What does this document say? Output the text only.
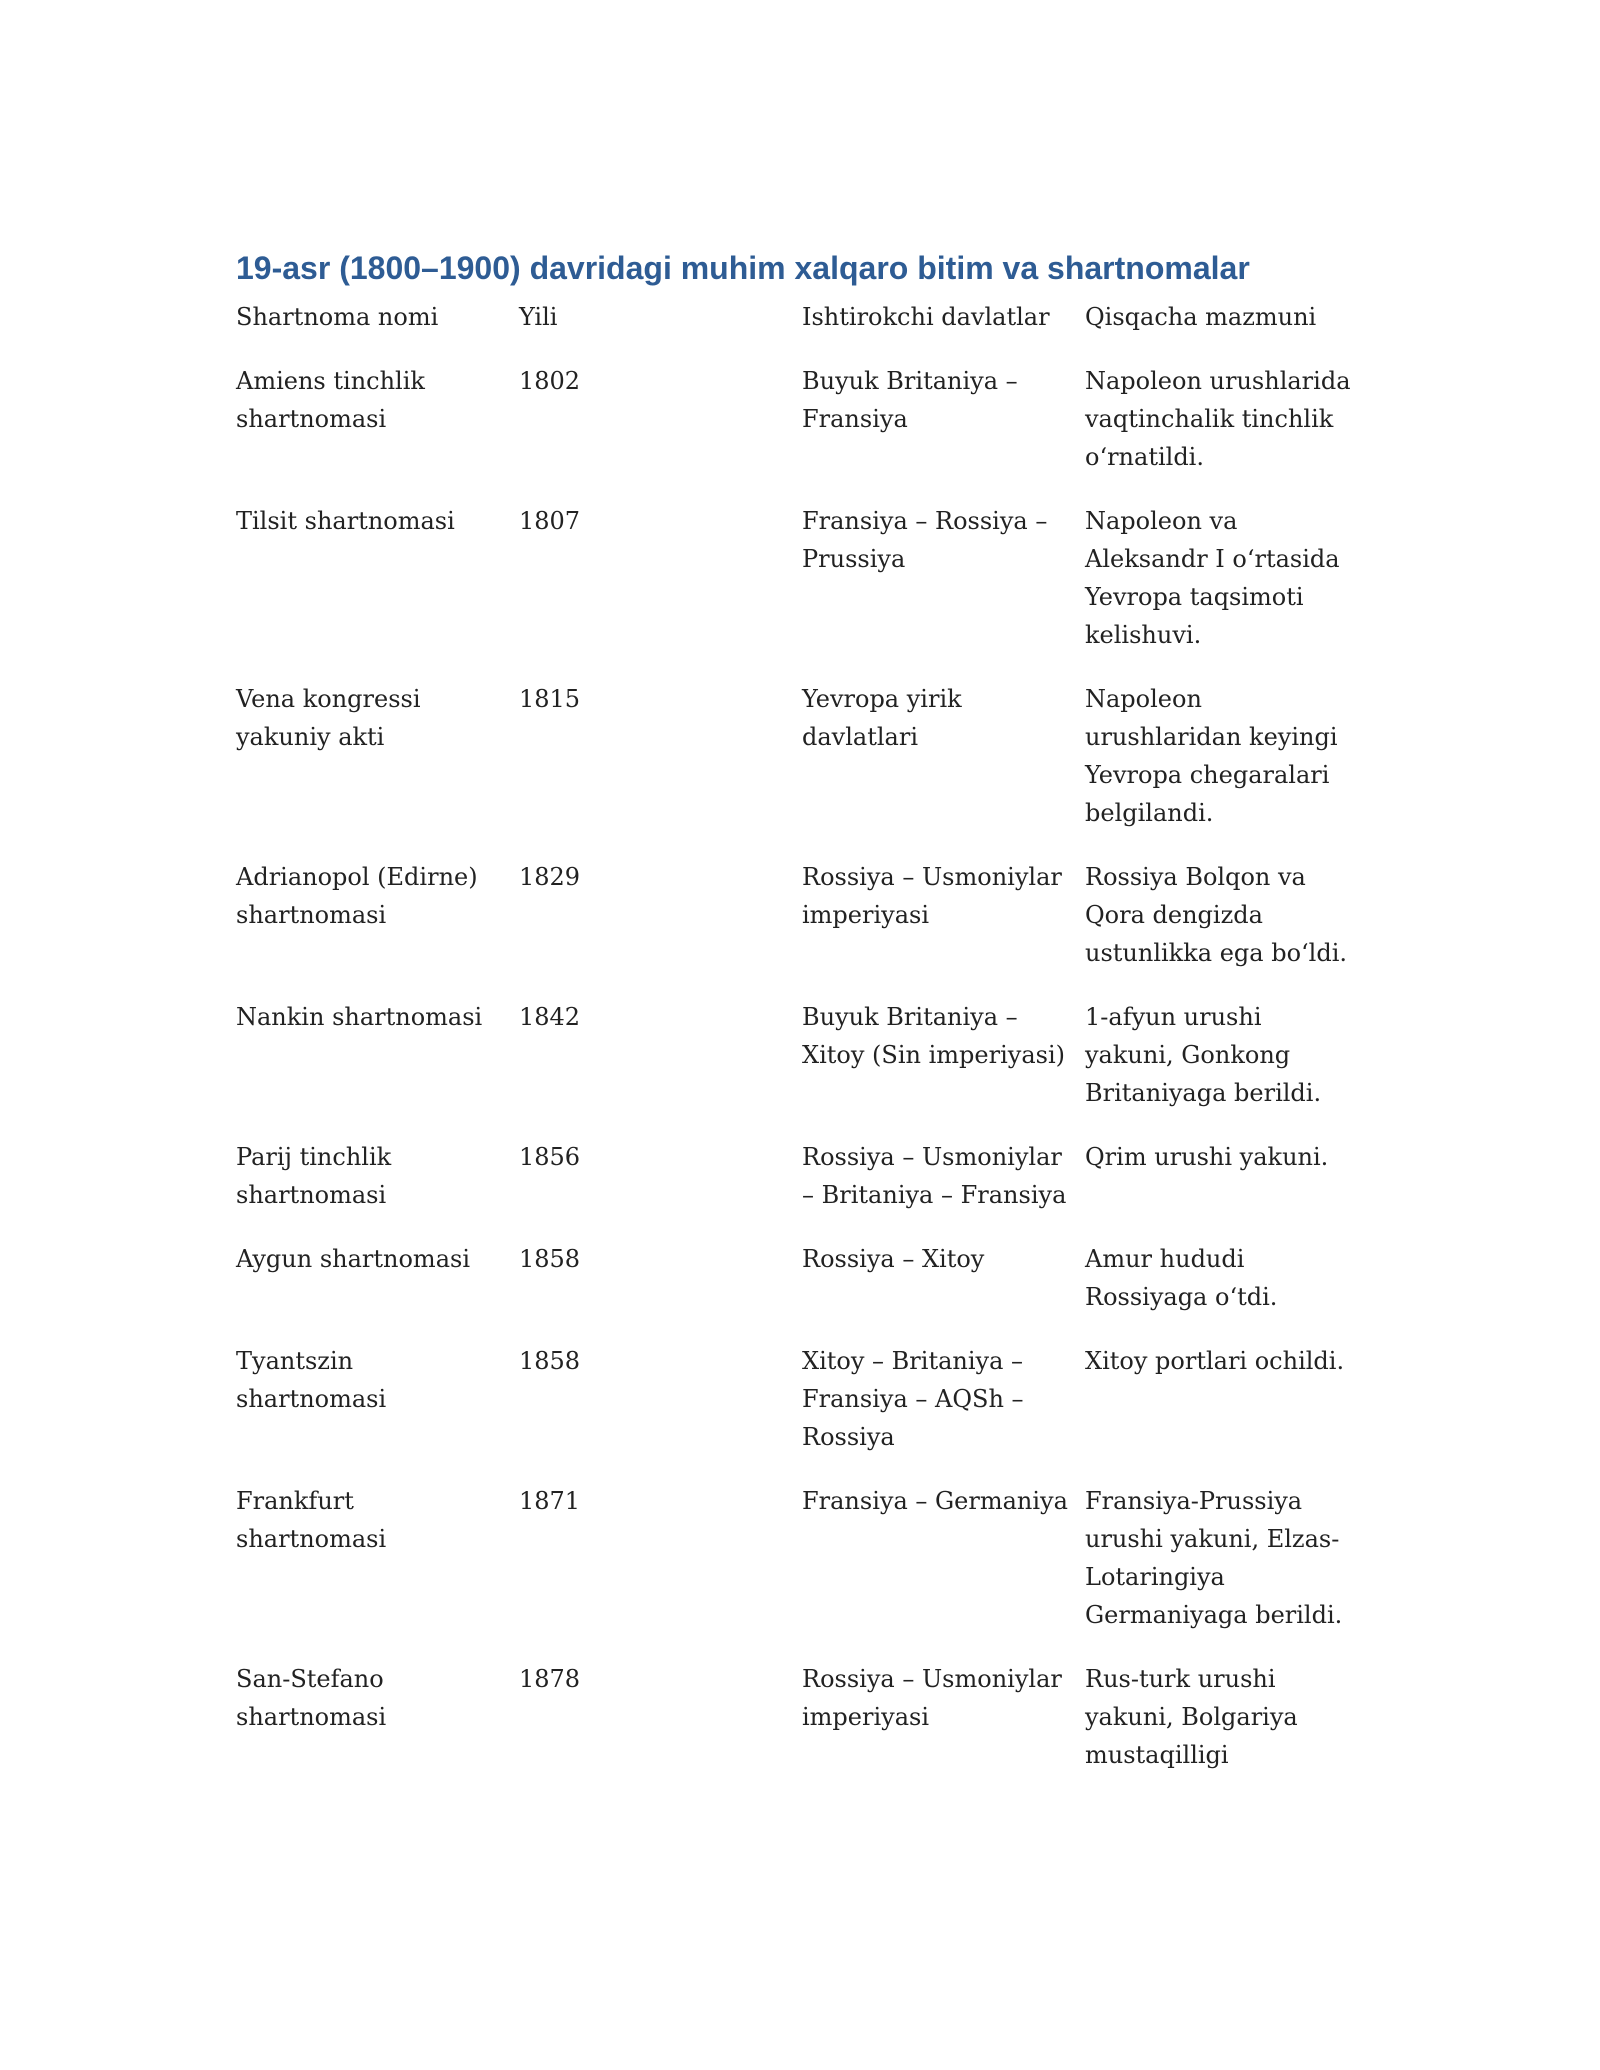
19-asr (1800–1900) davridagi muhim xalqaro bitim va shartnomalar
Shartnoma nomi	Yili	Ishtirokchi davlatlar	Qisqacha mazmuni

Amiens tinchlik shartnomasi	1802	Buyuk Britaniya – Fransiya	Napoleon urushlarida vaqtinchalik tinchlik oʻrnatildi.

Tilsit shartnomasi	1807	Fransiya – Rossiya – Prussiya	Napoleon va Aleksandr I oʻrtasida Yevropa taqsimoti kelishuvi.

Vena kongressi yakuniy akti	1815	Yevropa yirik davlatlari	Napoleon urushlaridan keyingi Yevropa chegaralari belgilandi.

Adrianopol (Edirne) shartnomasi	1829	Rossiya – Usmoniylar imperiyasi	Rossiya Bolqon va Qora dengizda ustunlikka ega boʻldi.

Nankin shartnomasi	1842	Buyuk Britaniya – Xitoy (Sin imperiyasi)	1-afyun urushi yakuni, Gonkong Britaniyaga berildi.

Parij tinchlik shartnomasi	1856	Rossiya – Usmoniylar – Britaniya – Fransiya	Qrim urushi yakuni.

Aygun shartnomasi	1858	Rossiya – Xitoy	Amur hududi Rossiyaga oʻtdi.

Tyantszin shartnomasi	1858	Xitoy – Britaniya – Fransiya – AQSh – Rossiya	Xitoy portlari ochildi.

Frankfurt shartnomasi	1871	Fransiya – Germaniya	Fransiya-Prussiya urushi yakuni, Elzas-Lotaringiya Germaniyaga berildi.

San-Stefano shartnomasi	1878	Rossiya – Usmoniylar imperiyasi	Rus-turk urushi yakuni, Bolgariya mustaqilligi
